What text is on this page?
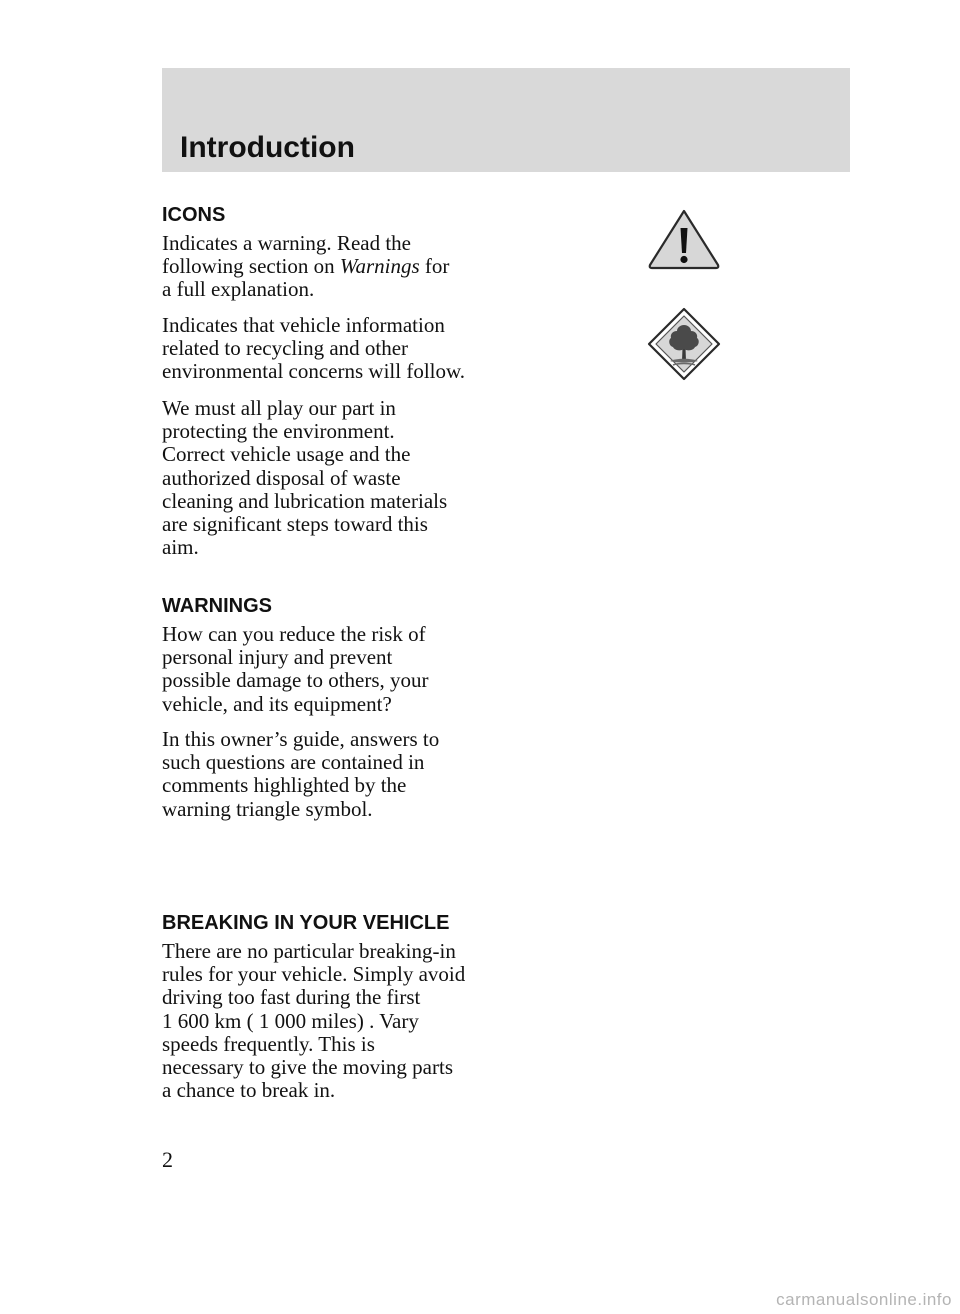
Introduction
ICONS

Indicates a warning. Read the
following section on Warnings for
a full explanation.

Indicates that vehicle information
related to recycling and other
environmental concerns will follow.

We must all play our part in
protecting the environment.
Correct vehicle usage and the
authorized disposal of waste
cleaning and lubrication materials
are significant steps toward this
aim.

WARNINGS

How can you reduce the risk of
personal injury and prevent
possible damage to others, your
vehicle, and its equipment?

In this owner’s guide, answers to
such questions are contained in
comments highlighted by the
warning triangle symbol.

BREAKING IN YOUR VEHICLE

There are no particular breaking-in
rules for your vehicle. Simply avoid
driving too fast during the first
1 600 km ( 1 000 miles) . Vary
speeds frequently. This is
necessary to give the moving parts
a chance to break in.

2

carmanualsonline.info
